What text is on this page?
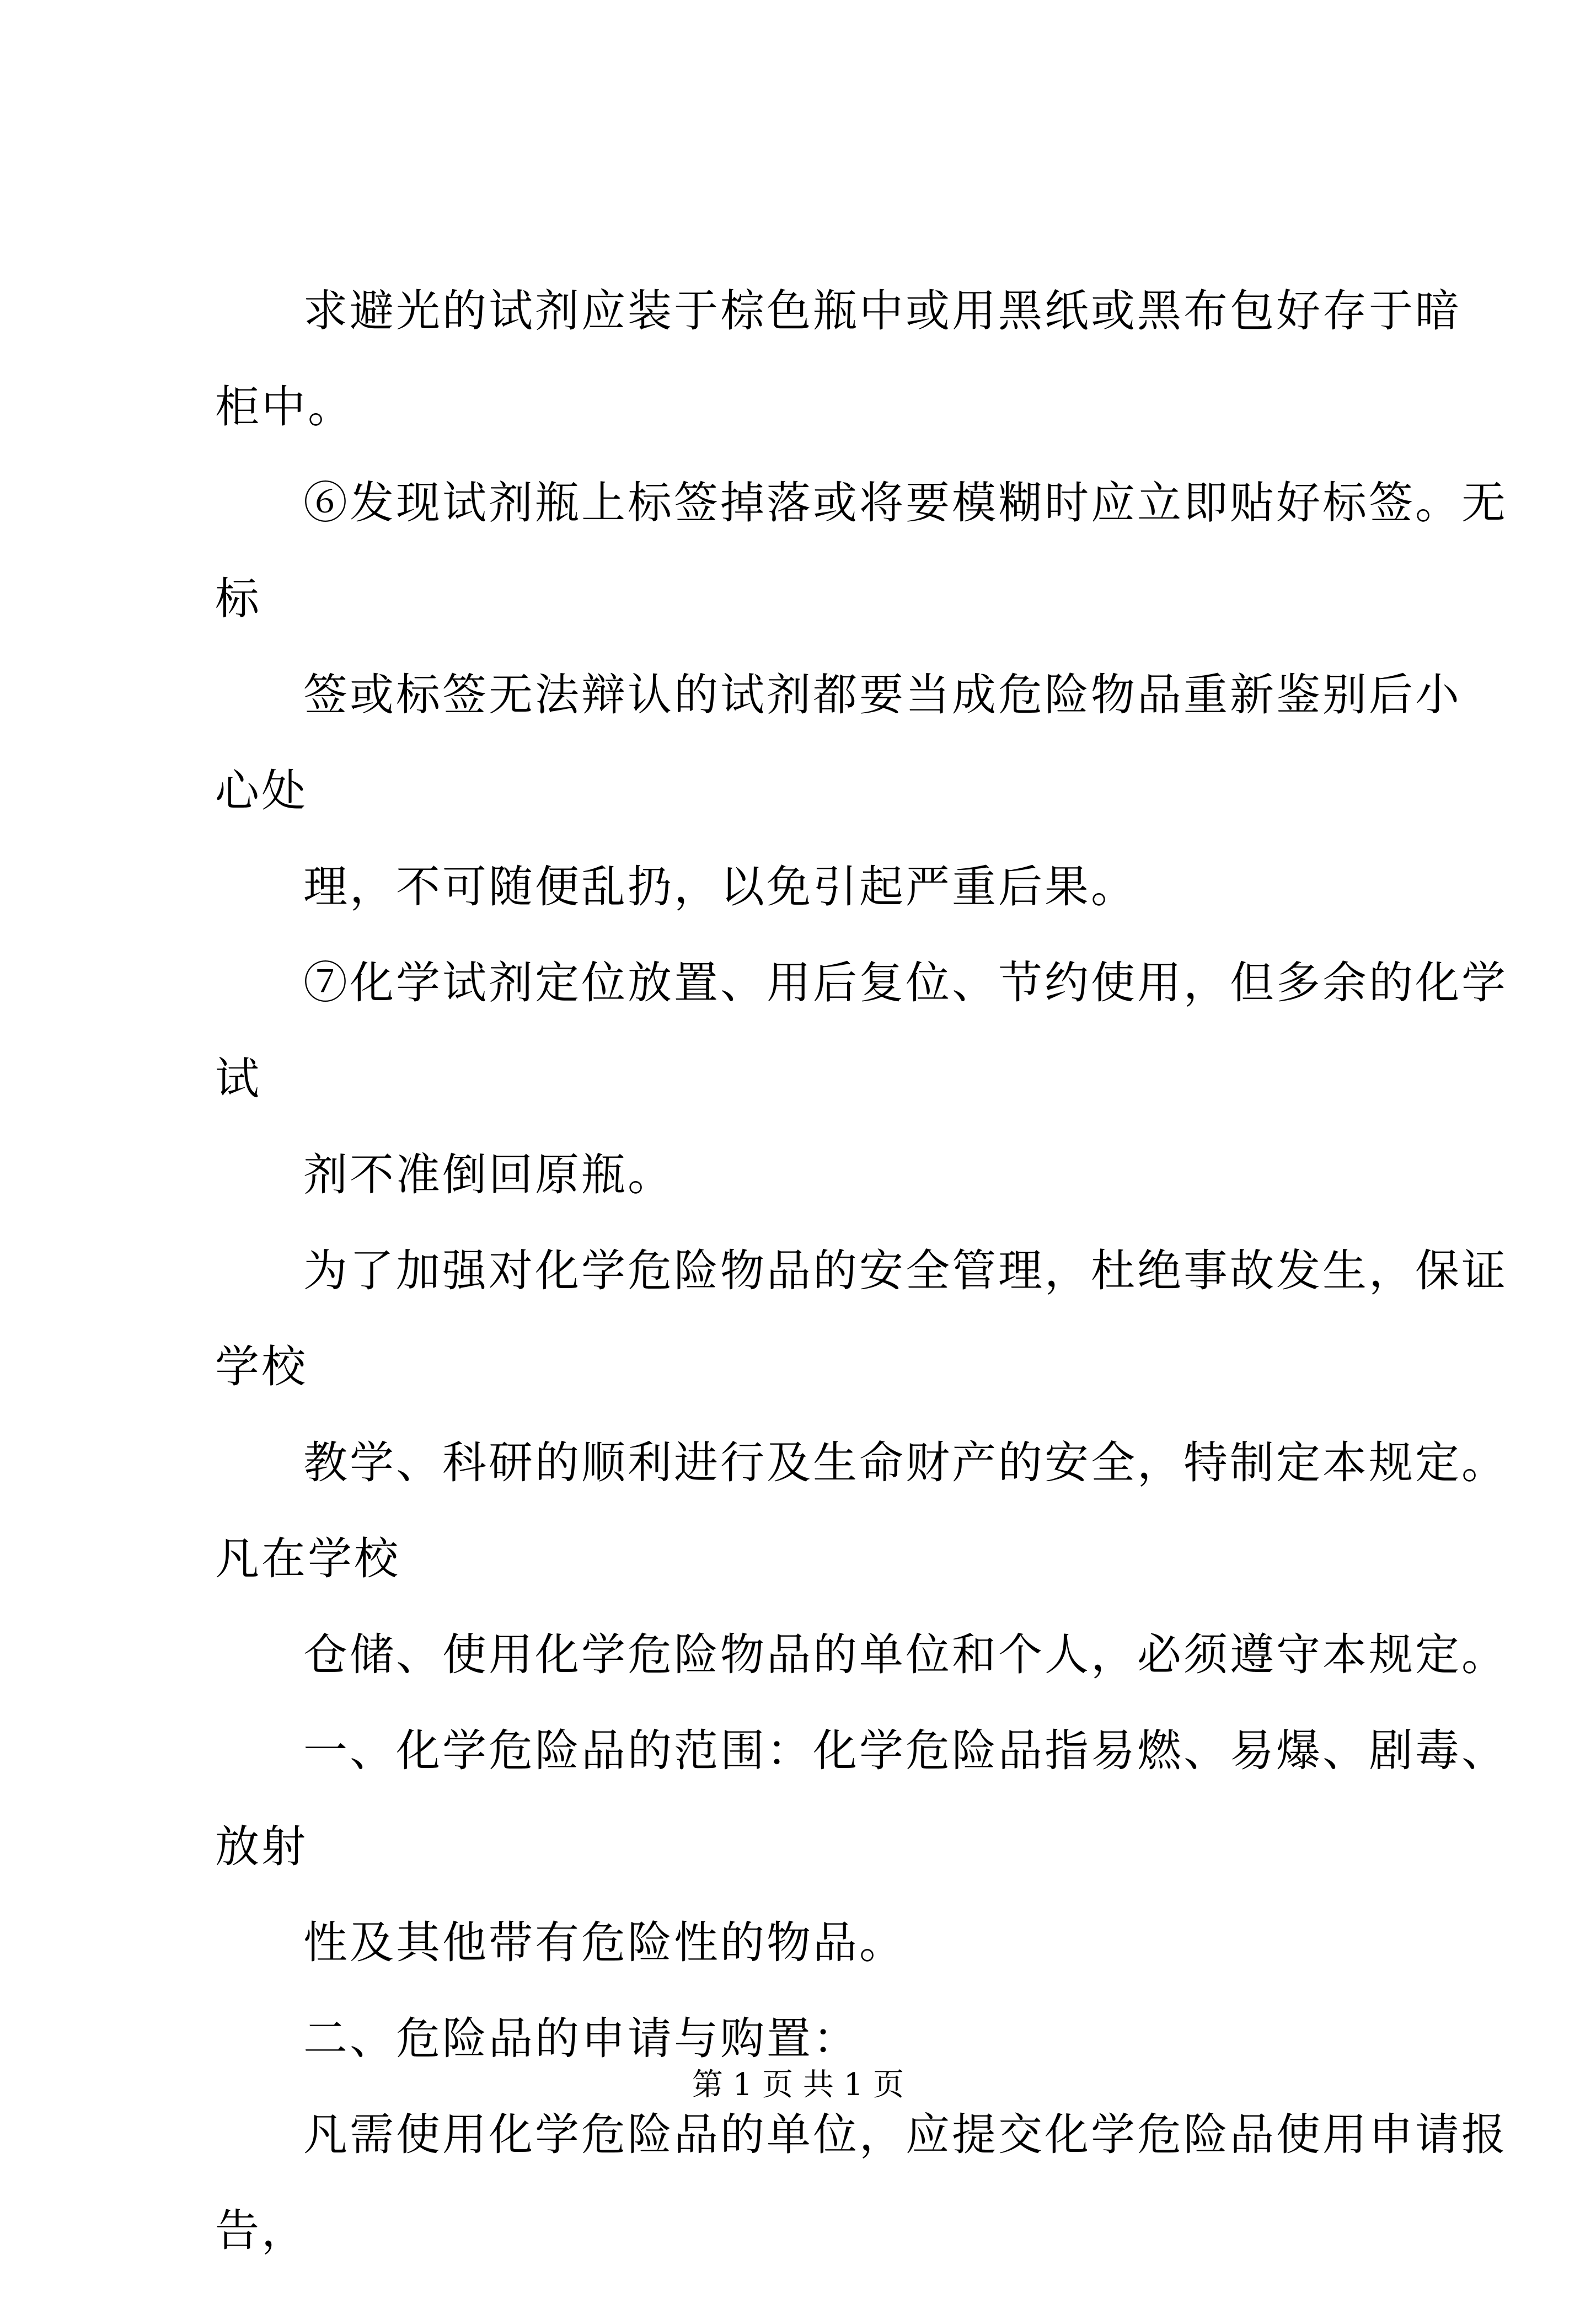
求避光的试剂应装于棕色瓶中或用黑纸或黑布包好存于暗
柜中。
⑥发现试剂瓶上标签掉落或将要模糊时应立即贴好标签。无
标
签或标签无法辩认的试剂都要当成危险物品重新鉴别后小
心处
理，不可随便乱扔，以免引起严重后果。
⑦化学试剂定位放置、用后复位、节约使用，但多余的化学
试
剂不准倒回原瓶。
为了加强对化学危险物品的安全管理，杜绝事故发生，保证
学校
教学、科研的顺利进行及生命财产的安全，特制定本规定。
凡在学校
仓储、使用化学危险物品的单位和个人，必须遵守本规定。
一、化学危险品的范围：化学危险品指易燃、易爆、剧毒、
放射
性及其他带有危险性的物品。
二、危险品的申请与购置：
凡需使用化学危险品的单位，应提交化学危险品使用申请报
告，
第 1 页 共 1 页
